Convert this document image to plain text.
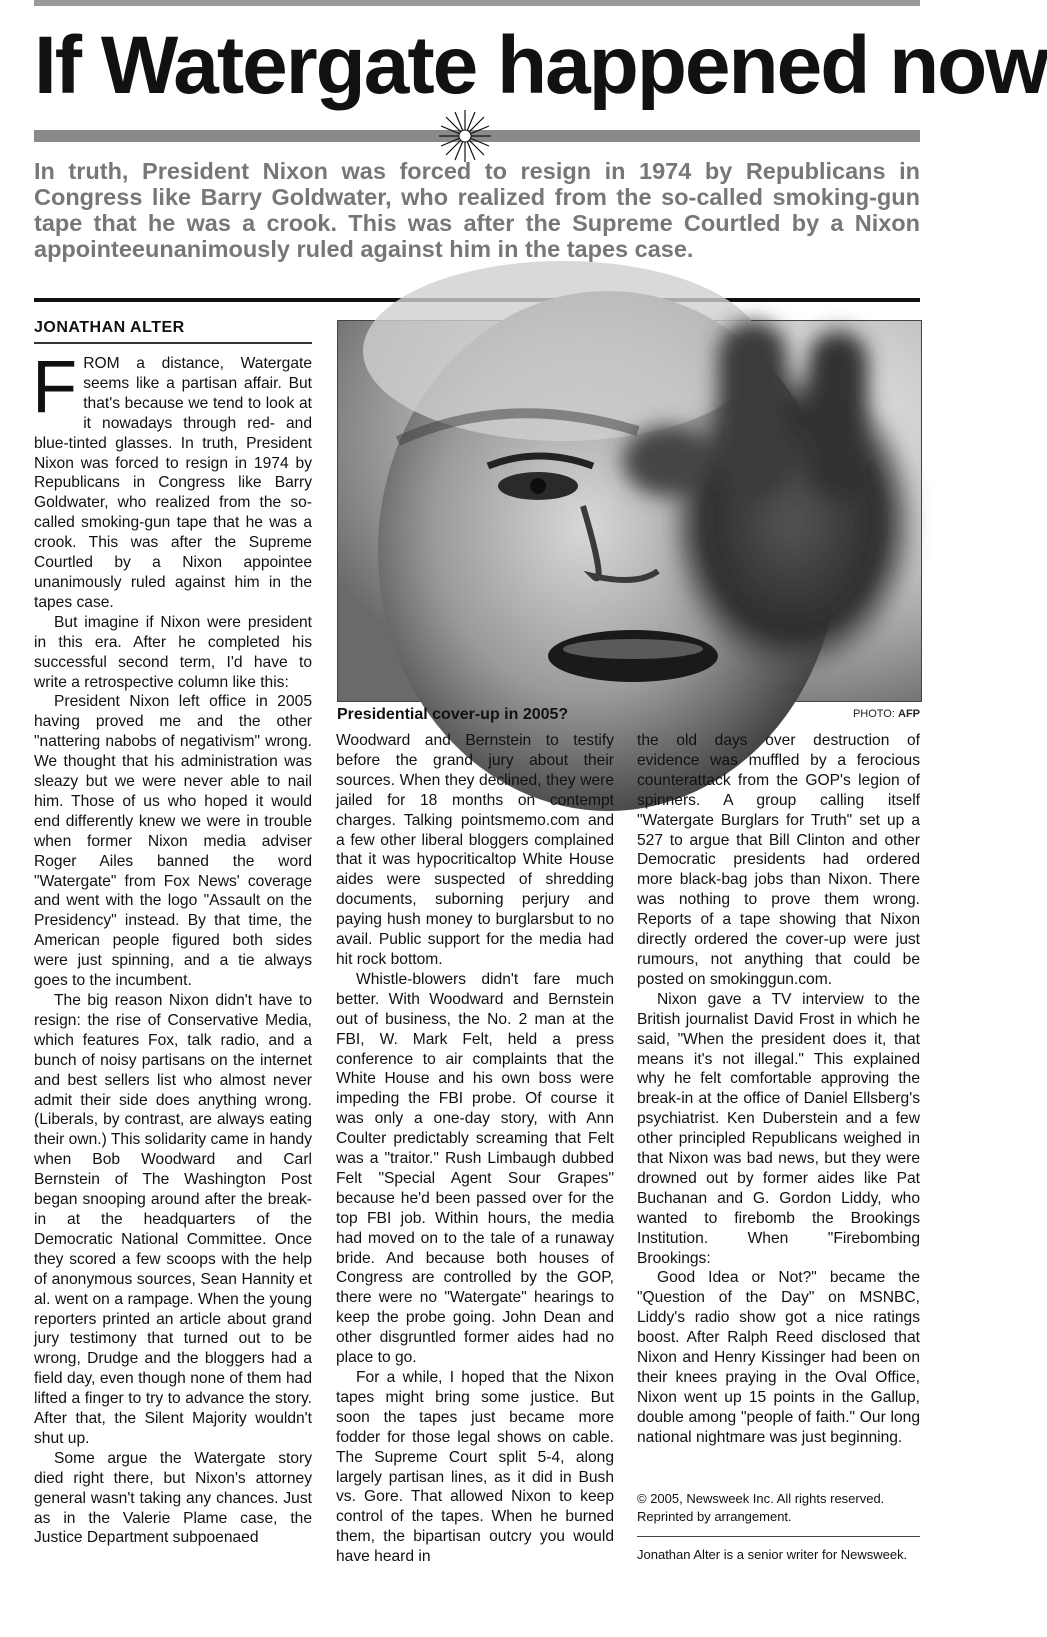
If Watergate happened now
In truth, President Nixon was forced to resign in 1974 by Republicans in Congress like Barry Goldwater, who realized from the so-called smoking-gun tape that he was a crook. This was after the Supreme Courtled by a Nixon appointeeunanimously ruled against him in the tapes case.
JONATHAN ALTER
F ROM a distance, Watergate seems like a partisan affair. But that's because we tend to look at it nowadays through red- and blue-tinted glasses. In truth, President Nixon was forced to resign in 1974 by Republicans in Congress like Barry Goldwater, who realized from the so-called smoking-gun tape that he was a crook. This was after the Supreme Courtled by a Nixon appointee unanimously ruled against him in the tapes case.

But imagine if Nixon were president in this era. After he completed his successful second term, I'd have to write a retrospective column like this:

President Nixon left office in 2005 having proved me and the other "nattering nabobs of negativism" wrong. We thought that his administration was sleazy but we were never able to nail him. Those of us who hoped it would end differently knew we were in trouble when former Nixon media adviser Roger Ailes banned the word "Watergate" from Fox News' coverage and went with the logo "Assault on the Presidency" instead. By that time, the American people figured both sides were just spinning, and a tie always goes to the incumbent.

The big reason Nixon didn't have to resign: the rise of Conservative Media, which features Fox, talk radio, and a bunch of noisy partisans on the internet and best sellers list who almost never admit their side does anything wrong. (Liberals, by contrast, are always eating their own.) This solidarity came in handy when Bob Woodward and Carl Bernstein of The Washington Post began snooping around after the break-in at the headquarters of the Democratic National Committee. Once they scored a few scoops with the help of anonymous sources, Sean Hannity et al. went on a rampage. When the young reporters printed an article about grand jury testimony that turned out to be wrong, Drudge and the bloggers had a field day, even though none of them had lifted a finger to try to advance the story. After that, the Silent Majority wouldn't shut up.

Some argue the Watergate story died right there, but Nixon's attorney general wasn't taking any chances. Just as in the Valerie Plame case, the Justice Department subpoenaed

Presidential cover-up in 2005?	PHOTO: AFP

Woodward and Bernstein to testify before the grand jury about their sources. When they declined, they were jailed for 18 months on contempt charges. Talking pointsmemo.com and a few other liberal bloggers complained that it was hypocriticaltop White House aides were suspected of shredding documents, suborning perjury and paying hush money to burglarsbut to no avail. Public support for the media had hit rock bottom.

Whistle-blowers didn't fare much better. With Woodward and Bernstein out of business, the No. 2 man at the FBI, W. Mark Felt, held a press conference to air complaints that the White House and his own boss were impeding the FBI probe. Of course it was only a one-day story, with Ann Coulter predictably screaming that Felt was a "traitor." Rush Limbaugh dubbed Felt "Special Agent Sour Grapes" because he'd been passed over for the top FBI job. Within hours, the media had moved on to the tale of a runaway bride. And because both houses of Congress are controlled by the GOP, there were no "Watergate" hearings to keep the probe going. John Dean and other disgruntled former aides had no place to go.

For a while, I hoped that the Nixon tapes might bring some justice. But soon the tapes just became more fodder for those legal shows on cable. The Supreme Court split 5-4, along largely partisan lines, as it did in Bush vs. Gore. That allowed Nixon to keep control of the tapes. When he burned them, the bipartisan outcry you would have heard in

the old days over destruction of evidence was muffled by a ferocious counterattack from the GOP's legion of spinners. A group calling itself "Watergate Burglars for Truth" set up a 527 to argue that Bill Clinton and other Democratic presidents had ordered more black-bag jobs than Nixon. There was nothing to prove them wrong. Reports of a tape showing that Nixon directly ordered the cover-up were just rumours, not anything that could be posted on smokinggun.com.

Nixon gave a TV interview to the British journalist David Frost in which he said, "When the president does it, that means it's not illegal." This explained why he felt comfortable approving the break-in at the office of Daniel Ellsberg's psychiatrist. Ken Duberstein and a few other principled Republicans weighed in that Nixon was bad news, but they were drowned out by former aides like Pat Buchanan and G. Gordon Liddy, who wanted to firebomb the Brookings Institution. When "Firebombing Brookings:

Good Idea or Not?" became the "Question of the Day" on MSNBC, Liddy's radio show got a nice ratings boost. After Ralph Reed disclosed that Nixon and Henry Kissinger had been on their knees praying in the Oval Office, Nixon went up 15 points in the Gallup, double among "people of faith." Our long national nightmare was just beginning.

© 2005, Newsweek Inc. All rights reserved. Reprinted by arrangement.
Jonathan Alter is a senior writer for Newsweek.
